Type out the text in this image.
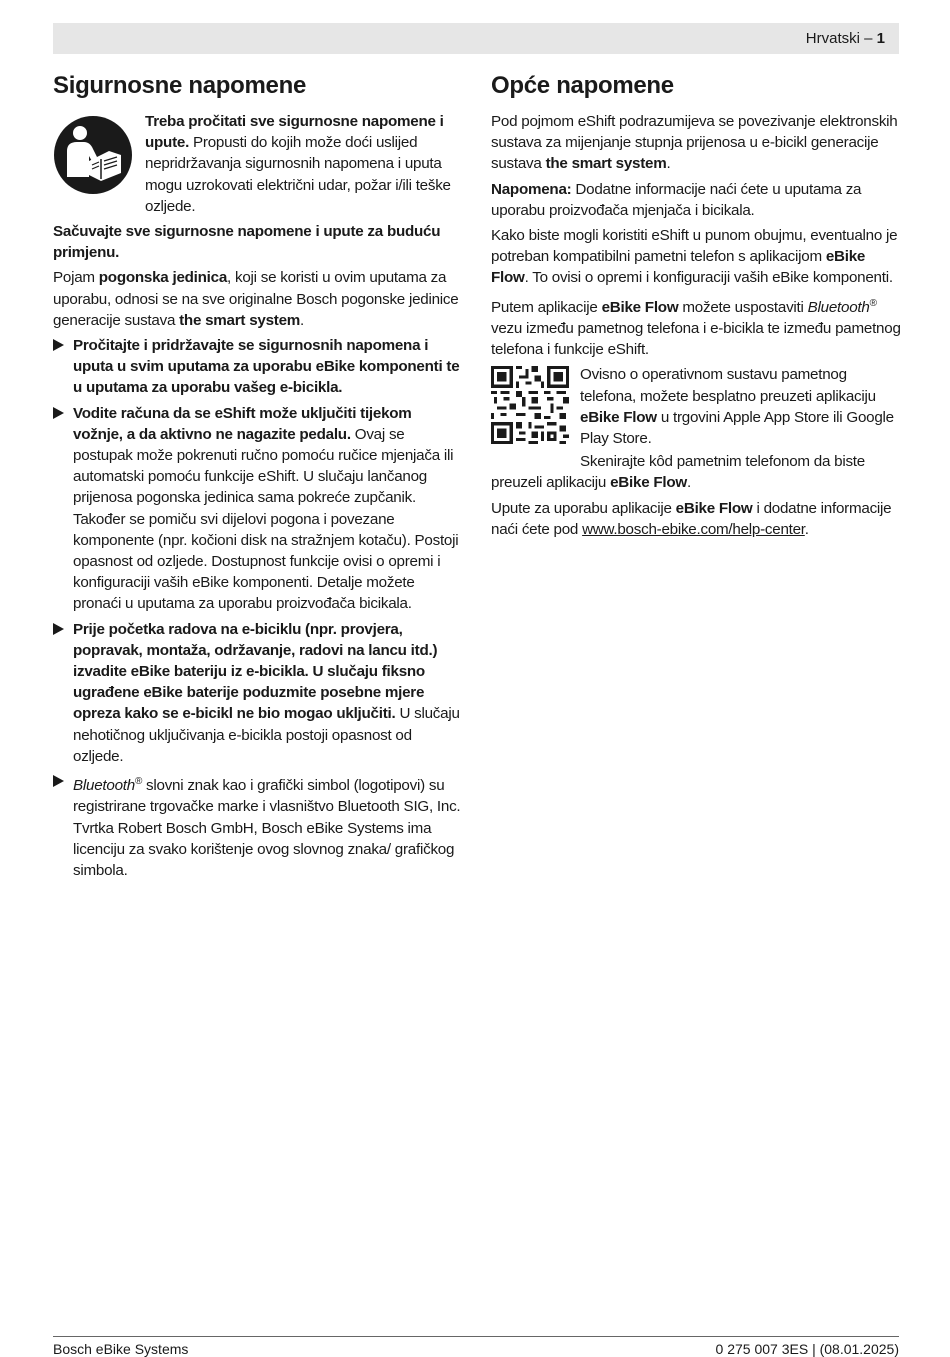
Hrvatski – 1
Sigurnosne napomene
Treba pročitati sve sigurnosne napomene i upute. Propusti do kojih može doći uslijed nepridržavanja sigurnosnih napomena i uputa mogu uzrokovati električni udar, požar i/ili teške ozljede.

Sačuvajte sve sigurnosne napomene i upute za buduću primjenu.

Pojam pogonska jedinica, koji se koristi u ovim uputama za uporabu, odnosi se na sve originalne Bosch pogonske jedinice generacije sustava the smart system.

Pročitajte i pridržavajte se sigurnosnih napomena i uputa u svim uputama za uporabu eBike komponenti te u uputama za uporabu vašeg e-bicikla.
Vodite računa da se eShift može uključiti tijekom vožnje, a da aktivno ne nagazite pedalu. Ovaj se postupak može pokrenuti ručno pomoću ručice mjenjača ili automatski pomoću funkcije eShift. U slučaju lančanog prijenosa pogonska jedinica sama pokreće zupčanik. Također se pomiču svi dijelovi pogona i povezane komponente (npr. kočioni disk na stražnjem kotaču). Postoji opasnost od ozljede. Dostupnost funkcije ovisi o opremi i konfiguraciji vaših eBike komponenti. Detalje možete pronaći u uputama za uporabu proizvođača bicikala.
Prije početka radova na e-biciklu (npr. provjera, popravak, montaža, održavanje, radovi na lancu itd.) izvadite eBike bateriju iz e-bicikla. U slučaju fiksno ugrađene eBike baterije poduzmite posebne mjere opreza kako se e-bicikl ne bio mogao uključiti. U slučaju nehotičnog uključivanja e-bicikla postoji opasnost od ozljede.
Bluetooth® slovni znak kao i grafički simbol (logotipovi) su registrirane trgovačke marke i vlasništvo Bluetooth SIG, Inc. Tvrtka Robert Bosch GmbH, Bosch eBike Systems ima licenciju za svako korištenje ovog slovnog znaka/ grafičkog simbola.
Opće napomene

Pod pojmom eShift podrazumijeva se povezivanje elektronskih sustava za mijenjanje stupnja prijenosa u e-bicikl generacije sustava the smart system.

Napomena: Dodatne informacije naći ćete u uputama za uporabu proizvođača mjenjača i bicikala.

Kako biste mogli koristiti eShift u punom obujmu, eventualno je potreban kompatibilni pametni telefon s aplikacijom eBike Flow. To ovisi o opremi i konfiguraciji vaših eBike komponenti.

Putem aplikacije eBike Flow možete uspostaviti Bluetooth® vezu između pametnog telefona i e-bicikla te između pametnog telefona i funkcije eShift.

Ovisno o operativnom sustavu pametnog telefona, možete besplatno preuzeti aplikaciju eBike Flow u trgovini Apple App Store ili Google Play Store.

Skenirajte kôd pametnim telefonom da biste preuzeli aplikaciju eBike Flow.

Upute za uporabu aplikacije eBike Flow i dodatne informacije naći ćete pod www.bosch-ebike.com/help-center.

Bosch eBike Systems	0 275 007 3ES | (08.01.2025)
